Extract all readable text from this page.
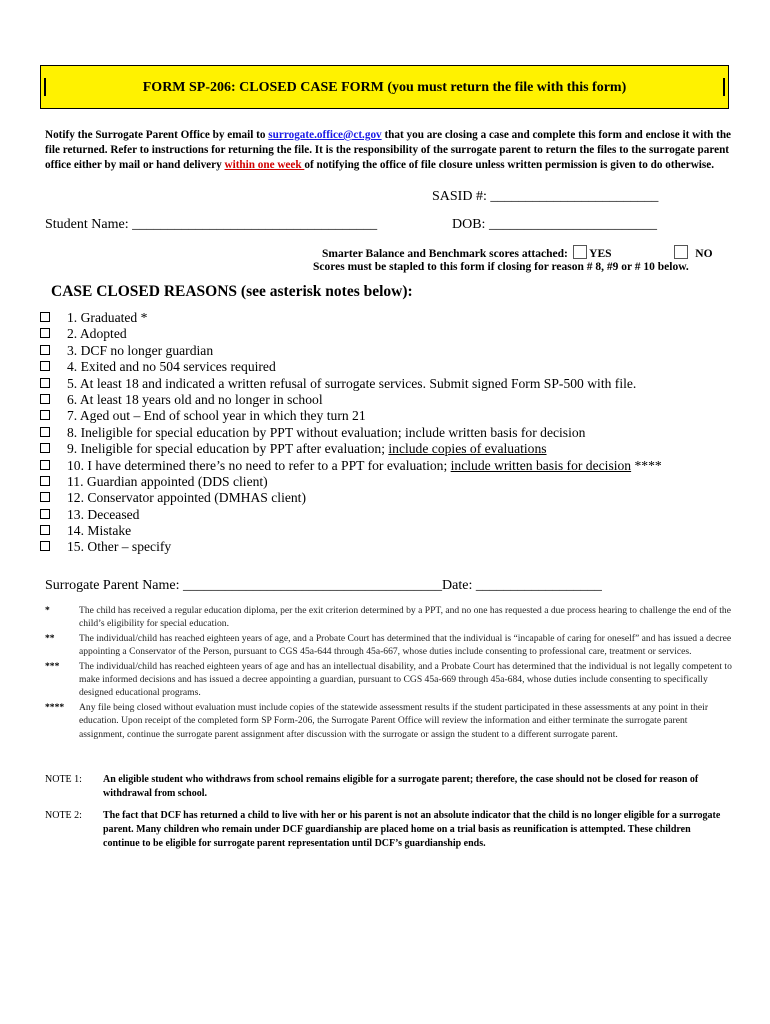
FORM SP-206: CLOSED CASE FORM (you must return the file with this form)
Notify the Surrogate Parent Office by email to surrogate.office@ct.gov that you are closing a case and complete this form and enclose it with the file returned. Refer to instructions for returning the file. It is the responsibility of the surrogate parent to return the files to the surrogate parent office either by mail or hand delivery within one week of notifying the office of file closure unless written permission is given to do otherwise.
SASID #: ________________________
Student Name: ___________________________________	DOB: ________________________
Smarter Balance and Benchmark scores attached: YES	NO
Scores must be stapled to this form if closing for reason # 8, #9 or # 10 below.
CASE CLOSED REASONS (see asterisk notes below):
1. Graduated *
2. Adopted
3. DCF no longer guardian
4. Exited and no 504 services required
5. At least 18 and indicated a written refusal of surrogate services. Submit signed Form SP-500 with file.
6. At least 18 years old and no longer in school
7. Aged out – End of school year in which they turn 21
8. Ineligible for special education by PPT without evaluation; include written basis for decision
9. Ineligible for special education by PPT after evaluation; include copies of evaluations
10. I have determined there’s no need to refer to a PPT for evaluation; include written basis for decision ****
11. Guardian appointed (DDS client)
12. Conservator appointed (DMHAS client)
13. Deceased
14. Mistake
15. Other – specify
Surrogate Parent Name: _____________________________________Date: __________________
*	The child has received a regular education diploma, per the exit criterion determined by a PPT, and no one has requested a due process hearing to challenge the end of the child’s eligibility for special education.
**	The individual/child has reached eighteen years of age, and a Probate Court has determined that the individual is “incapable of caring for oneself” and has issued a decree appointing a Conservator of the Person, pursuant to CGS 45a-644 through 45a-667, whose duties include consenting to professional care, treatment or services.
***	The individual/child has reached eighteen years of age and has an intellectual disability, and a Probate Court has determined that the individual is not legally competent to make informed decisions and has issued a decree appointing a guardian, pursuant to CGS 45a-669 through 45a-684, whose duties include consenting to specifically designed educational programs.
****	Any file being closed without evaluation must include copies of the statewide assessment results if the student participated in these assessments at any point in their education. Upon receipt of the completed form SP Form-206, the Surrogate Parent Office will review the information and either terminate the surrogate parent assignment, continue the surrogate parent assignment after discussion with the surrogate or assign the student to a different surrogate parent.
NOTE 1:	An eligible student who withdraws from school remains eligible for a surrogate parent; therefore, the case should not be closed for reason of withdrawal from school.
NOTE 2:	The fact that DCF has returned a child to live with her or his parent is not an absolute indicator that the child is no longer eligible for a surrogate parent. Many children who remain under DCF guardianship are placed home on a trial basis as reunification is attempted. These children continue to be eligible for surrogate parent representation until DCF’s guardianship ends.
